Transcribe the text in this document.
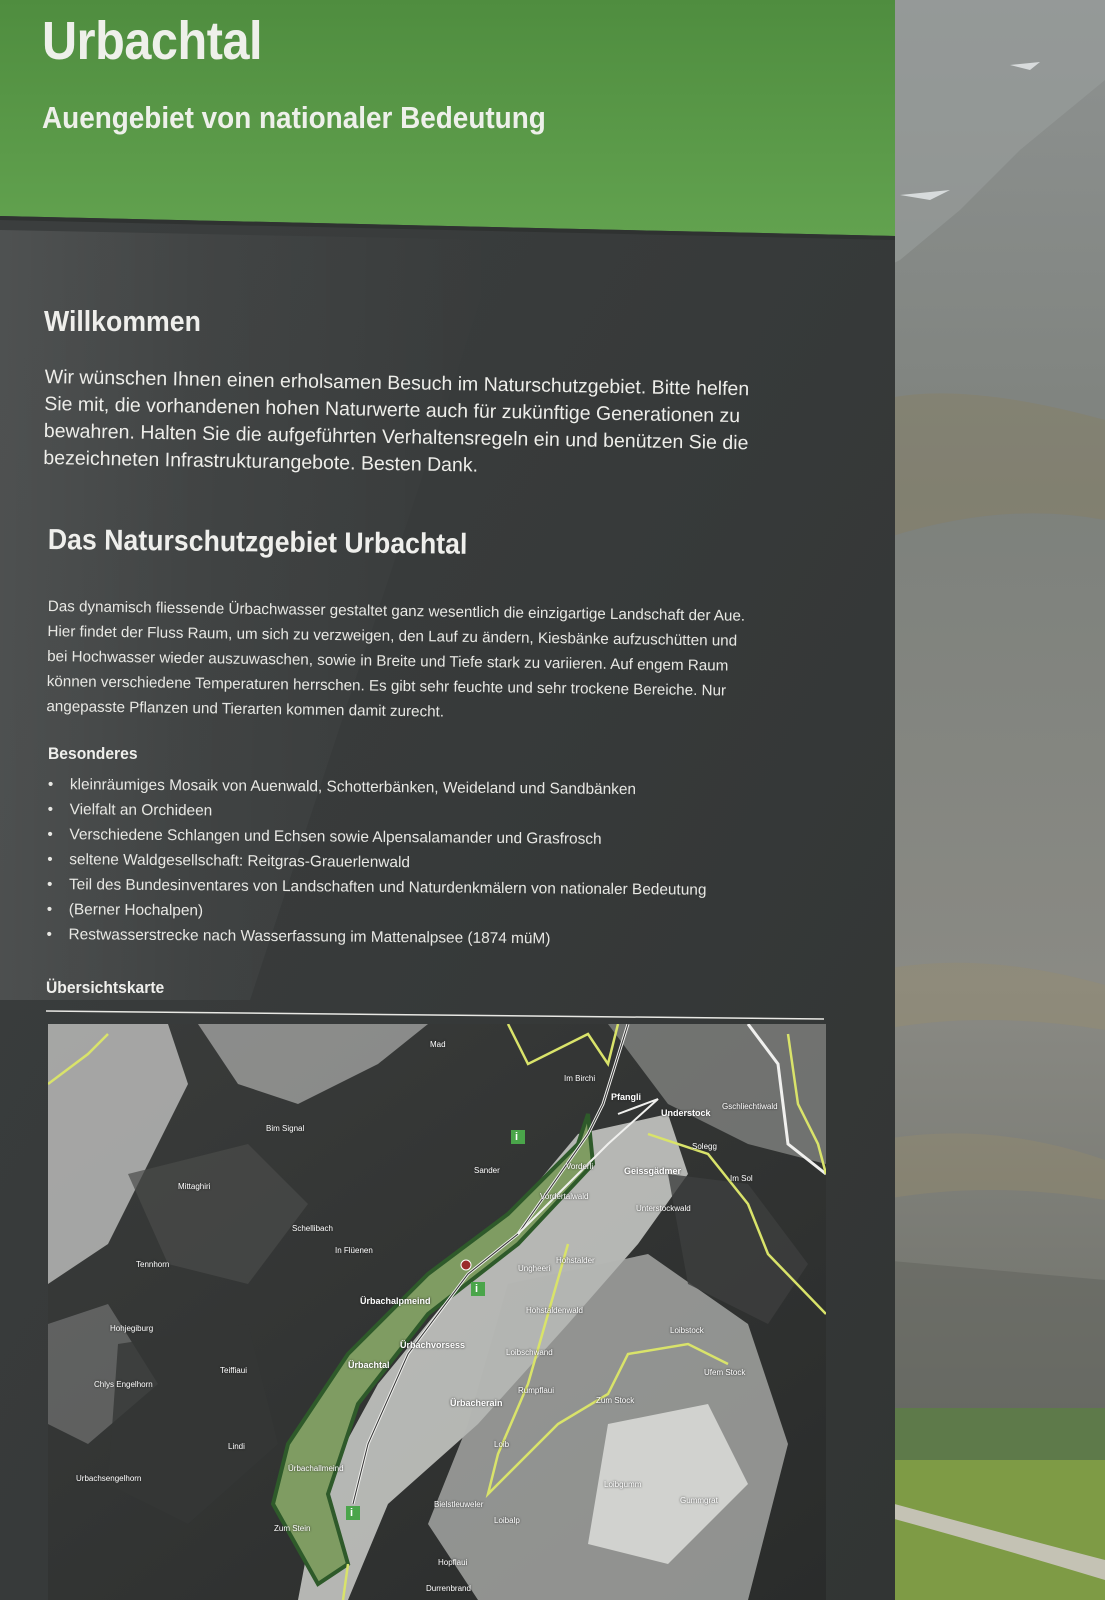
Urbachtal
Auengebiet von nationaler Bedeutung
Willkommen
Wir wünschen Ihnen einen erholsamen Besuch im Naturschutzgebiet. Bitte helfen
Sie mit, die vorhandenen hohen Naturwerte auch für zukünftige Generationen zu
bewahren. Halten Sie die aufgeführten Verhaltensregeln ein und benützen Sie die
bezeichneten Infrastrukturangebote. Besten Dank.
Das Naturschutzgebiet Urbachtal
Das dynamisch fliessende Ürbachwasser gestaltet ganz wesentlich die einzigartige Landschaft der Aue.
Hier findet der Fluss Raum, um sich zu verzweigen, den Lauf zu ändern, Kiesbänke aufzuschütten und
bei Hochwasser wieder auszuwaschen, sowie in Breite und Tiefe stark zu variieren. Auf engem Raum
können verschiedene Temperaturen herrschen. Es gibt sehr feuchte und sehr trockene Bereiche. Nur
angepasste Pflanzen und Tierarten kommen damit zurecht.
Besonderes
• kleinräumiges Mosaik von Auenwald, Schotterbänken, Weideland und Sandbänken
• Vielfalt an Orchideen
• Verschiedene Schlangen und Echsen sowie Alpensalamander und Grasfrosch
• seltene Waldgesellschaft: Reitgras-Grauerlenwald
• Teil des Bundesinventares von Landschaften und Naturdenkmälern von nationaler Bedeutung
• (Berner Hochalpen)
• Restwasserstrecke nach Wasserfassung im Mattenalpsee (1874 müM)
Übersichtskarte
i
i
i
Mad
Im Birchi
Pfangli
Understock
Gschliechtiwald
Bim Signal
Sander	Vorderli	Geissgädmer
Solegg
Im Sol
Mittaghiri
Vordertalwald
Unterstockwald
Schellibach
In Flüenen
Tennhorn	Hohstalder
Ungheeri
Ürbachalpmeind
Hohstaldenwald
Hohjegiburg
Ürbachvorsess
Loibstock
Ürbachtal
Loibschwand
Teiffiaui
Chlys Engelhorn
Rumpflaui
Ufem Stock
Ürbacherain	Zum Stock
Lindi	Loib
Urbachsengelhorn
Ürbachallmeind
Loibgumm
Gummgrat
Bielstleuweler
Loibalp
Zum Stein
Hopflaui
Durrenbrand
